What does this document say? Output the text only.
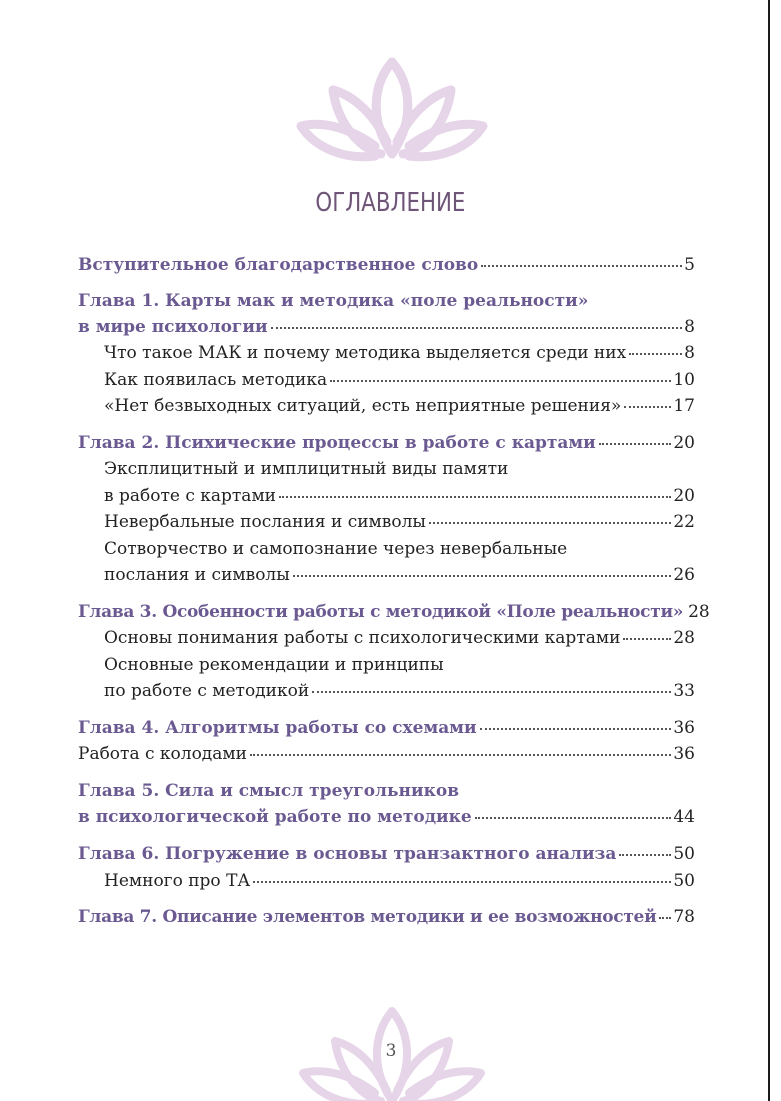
ОГЛАВЛЕНИЕ
Вступительное благодарственное слово	5
Глава 1. Карты мак и методика «поле реальности»
в мире психологии	8
Что такое МАК и почему методика выделяется среди них	8
Как появилась методика	10
«Нет безвыходных ситуаций, есть неприятные решения»	17
Глава 2. Психические процессы в работе с картами	20
Эксплицитный и имплицитный виды памяти
в работе с картами	20
Невербальные послания и символы	22
Сотворчество и самопознание через невербальные
послания и символы	26
Глава 3. Особенности работы с методикой «Поле реальности» 28
Основы понимания работы с психологическими картами	28
Основные рекомендации и принципы
по работе с методикой	33
Глава 4. Алгоритмы работы со схемами	36
Работа с колодами	36
Глава 5. Сила и смысл треугольников
в психологической работе по методике	44
Глава 6. Погружение в основы транзактного анализа	50
Немного про ТА	50
Глава 7. Описание элементов методики и ее возможностей 78
3
